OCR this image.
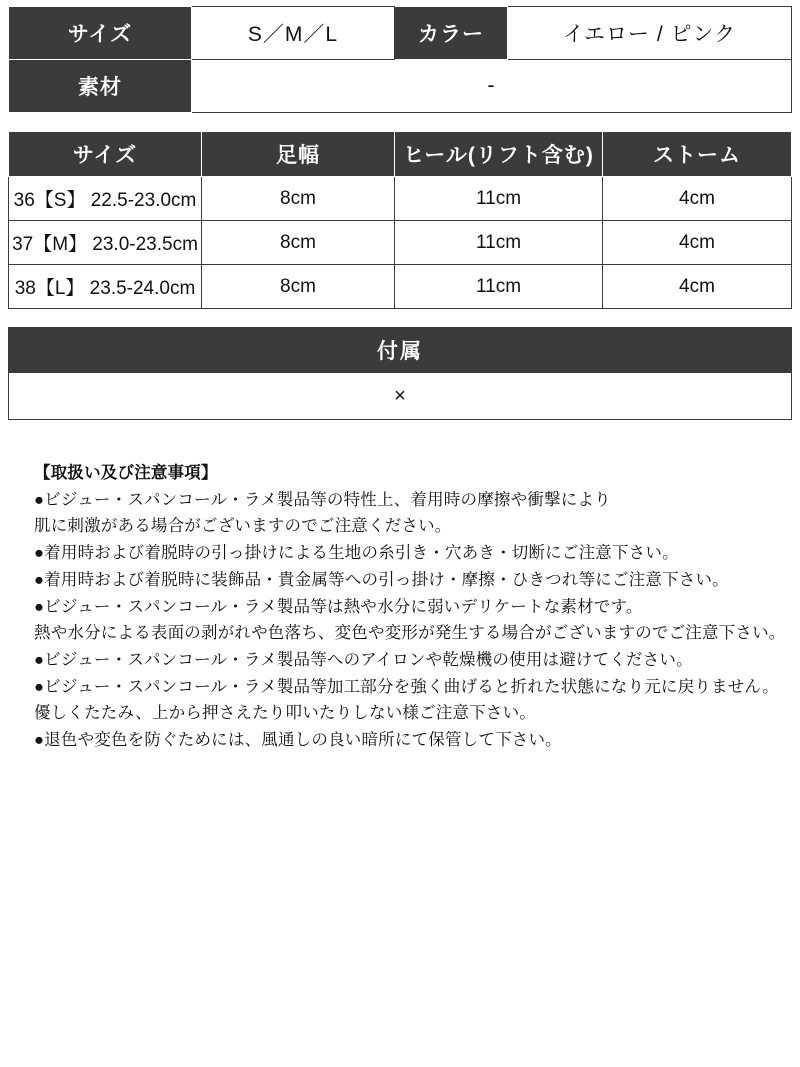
サイズ	S／M／L	カラー	イエロー / ピンク
素材	-		
サイズ	足幅	ヒール(リフト含む)	ストーム
36【S】 22.5-23.0cm	8cm	11cm	4cm
37【M】 23.0-23.5cm	8cm	11cm	4cm
38【L】 23.5-24.0cm	8cm	11cm	4cm
付属
×
【取扱い及び注意事項】
●ビジュー・スパンコール・ラメ製品等の特性上、着用時の摩擦や衝撃により
肌に刺激がある場合がございますのでご注意ください。
●着用時および着脱時の引っ掛けによる生地の糸引き・穴あき・切断にご注意下さい。
●着用時および着脱時に装飾品・貴金属等への引っ掛け・摩擦・ひきつれ等にご注意下さい。
●ビジュー・スパンコール・ラメ製品等は熱や水分に弱いデリケートな素材です。
熱や水分による表面の剥がれや色落ち、変色や変形が発生する場合がございますのでご注意下さい。
●ビジュー・スパンコール・ラメ製品等へのアイロンや乾燥機の使用は避けてください。
●ビジュー・スパンコール・ラメ製品等加工部分を強く曲げると折れた状態になり元に戻りません。
優しくたたみ、上から押さえたり叩いたりしない様ご注意下さい。
●退色や変色を防ぐためには、風通しの良い暗所にて保管して下さい。
